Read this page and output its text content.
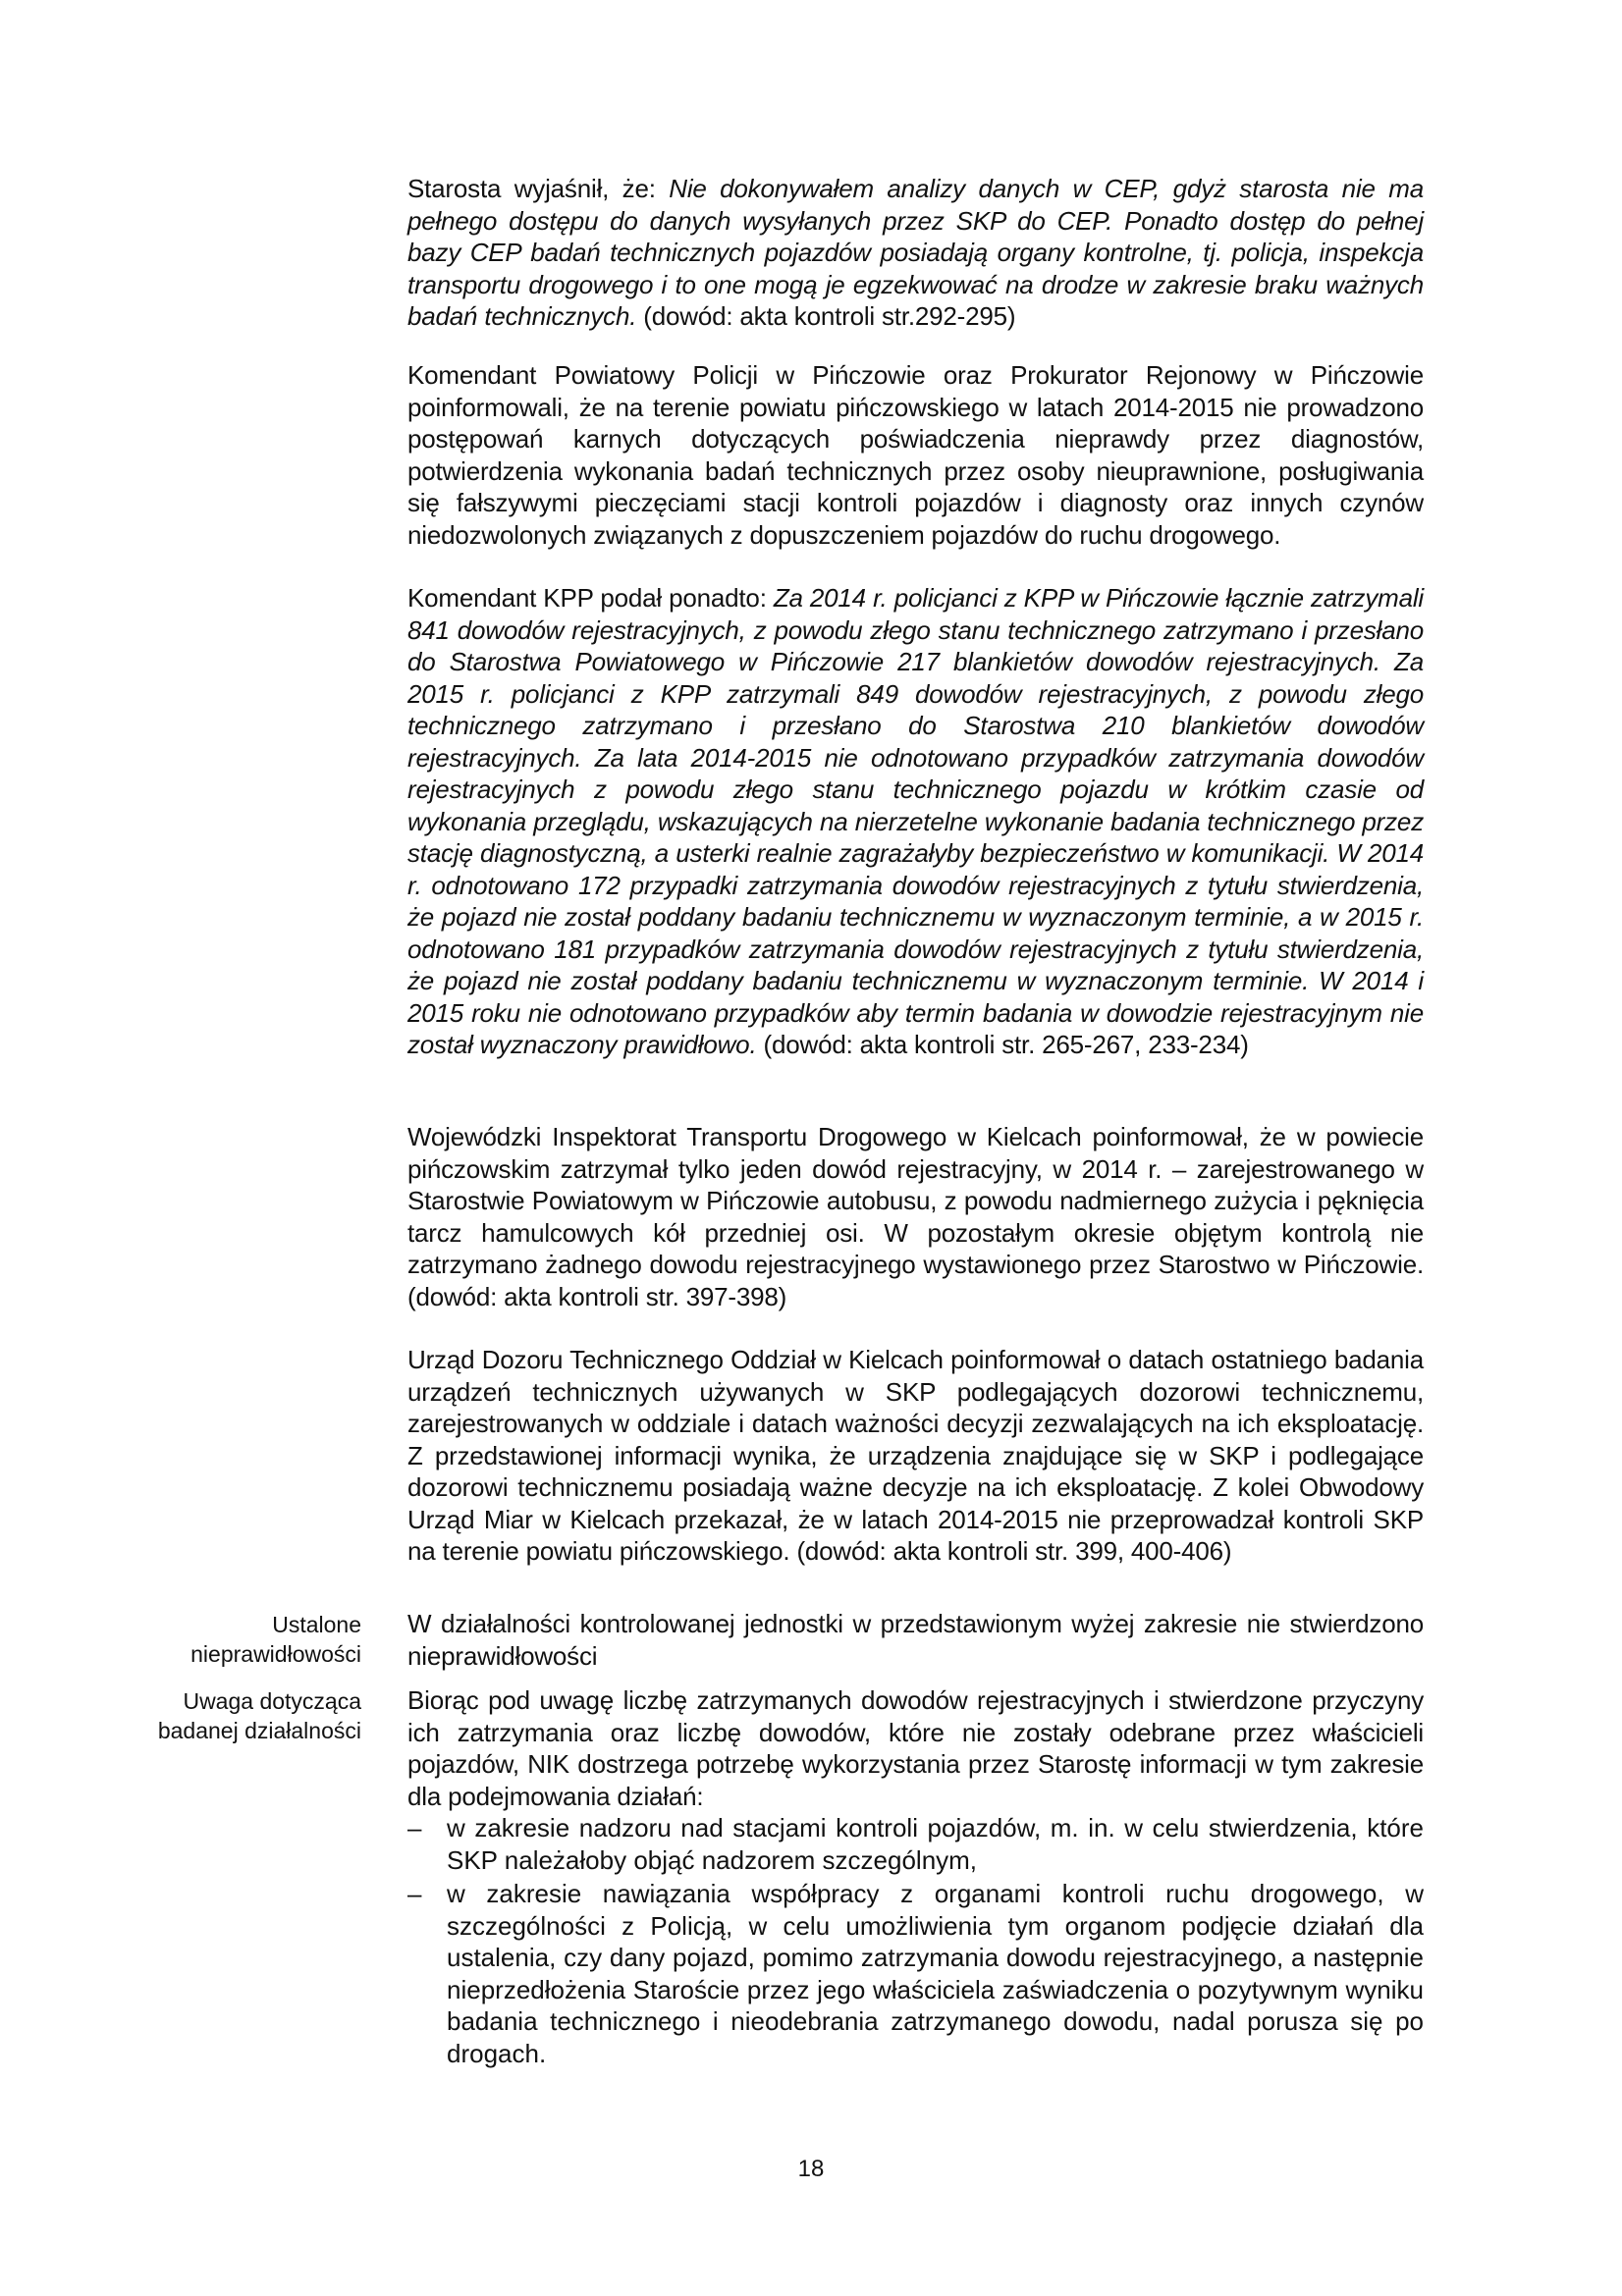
Starosta wyjaśnił, że: Nie dokonywałem analizy danych w CEP, gdyż starosta nie ma pełnego dostępu do danych wysyłanych przez SKP do CEP. Ponadto dostęp do pełnej bazy CEP badań technicznych pojazdów posiadają organy kontrolne, tj. policja, inspekcja transportu drogowego i to one mogą je egzekwować na drodze w zakresie braku ważnych badań technicznych. (dowód: akta kontroli str.292-295)

Komendant Powiatowy Policji w Pińczowie oraz Prokurator Rejonowy w Pińczowie poinformowali, że na terenie powiatu pińczowskiego w latach 2014-2015 nie prowadzono postępowań karnych dotyczących poświadczenia nieprawdy przez diagnostów, potwierdzenia wykonania badań technicznych przez osoby nieuprawnione, posługiwania się fałszywymi pieczęciami stacji kontroli pojazdów i diagnosty oraz innych czynów niedozwolonych związanych z dopuszczeniem pojazdów do ruchu drogowego.

Komendant KPP podał ponadto: Za 2014 r. policjanci z KPP w Pińczowie łącznie zatrzymali 841 dowodów rejestracyjnych, z powodu złego stanu technicznego zatrzymano i przesłano do Starostwa Powiatowego w Pińczowie 217 blankietów dowodów rejestracyjnych. Za 2015 r. policjanci z KPP zatrzymali 849 dowodów rejestracyjnych, z powodu złego technicznego zatrzymano i przesłano do Starostwa 210 blankietów dowodów rejestracyjnych. Za lata 2014-2015 nie odnotowano przypadków zatrzymania dowodów rejestracyjnych z powodu złego stanu technicznego pojazdu w krótkim czasie od wykonania przeglądu, wskazujących na nierzetelne wykonanie badania technicznego przez stację diagnostyczną, a usterki realnie zagrażałyby bezpieczeństwo w komunikacji. W 2014 r. odnotowano 172 przypadki zatrzymania dowodów rejestracyjnych z tytułu stwierdzenia, że pojazd nie został poddany badaniu technicznemu w wyznaczonym terminie, a w 2015 r. odnotowano 181 przypadków zatrzymania dowodów rejestracyjnych z tytułu stwierdzenia, że pojazd nie został poddany badaniu technicznemu w wyznaczonym terminie. W 2014 i 2015 roku nie odnotowano przypadków aby termin badania w dowodzie rejestracyjnym nie został wyznaczony prawidłowo. (dowód: akta kontroli str. 265-267, 233-234)

Wojewódzki Inspektorat Transportu Drogowego w Kielcach poinformował, że w powiecie pińczowskim zatrzymał tylko jeden dowód rejestracyjny, w 2014 r. – zarejestrowanego w Starostwie Powiatowym w Pińczowie autobusu, z powodu nadmiernego zużycia i pęknięcia tarcz hamulcowych kół przedniej osi. W pozostałym okresie objętym kontrolą nie zatrzymano żadnego dowodu rejestracyjnego wystawionego przez Starostwo w Pińczowie. (dowód: akta kontroli str. 397-398)

Urząd Dozoru Technicznego Oddział w Kielcach poinformował o datach ostatniego badania urządzeń technicznych używanych w SKP podlegających dozorowi technicznemu, zarejestrowanych w oddziale i datach ważności decyzji zezwalających na ich eksploatację. Z przedstawionej informacji wynika, że urządzenia znajdujące się w SKP i podlegające dozorowi technicznemu posiadają ważne decyzje na ich eksploatację. Z kolei Obwodowy Urząd Miar w Kielcach przekazał, że w latach 2014-2015 nie przeprowadzał kontroli SKP na terenie powiatu pińczowskiego. (dowód: akta kontroli str. 399, 400-406)

Ustalone
nieprawidłowości

W działalności kontrolowanej jednostki w przedstawionym wyżej zakresie nie stwierdzono nieprawidłowości

Uwaga dotycząca
badanej działalności

Biorąc pod uwagę liczbę zatrzymanych dowodów rejestracyjnych i stwierdzone przyczyny ich zatrzymania oraz liczbę dowodów, które nie zostały odebrane przez właścicieli pojazdów, NIK dostrzega potrzebę wykorzystania przez Starostę informacji w tym zakresie dla podejmowania działań:

– w zakresie nadzoru nad stacjami kontroli pojazdów, m. in. w celu stwierdzenia, które SKP należałoby objąć nadzorem szczególnym,
– w zakresie nawiązania współpracy z organami kontroli ruchu drogowego, w szczególności z Policją, w celu umożliwienia tym organom podjęcie działań dla ustalenia, czy dany pojazd, pomimo zatrzymania dowodu rejestracyjnego, a następnie nieprzedłożenia Staroście przez jego właściciela zaświadczenia o pozytywnym wyniku badania technicznego i nieodebrania zatrzymanego dowodu, nadal porusza się po drogach.
18
